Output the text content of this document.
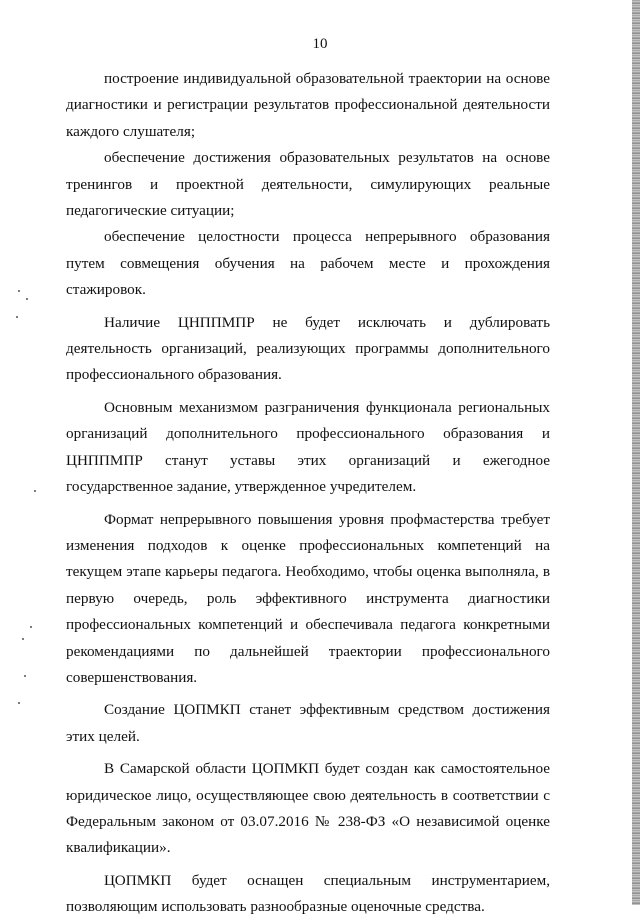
10

построение индивидуальной образовательной траектории на основе диагностики и регистрации результатов профессиональной деятельности каждого слушателя;

обеспечение достижения образовательных результатов на основе тренингов и проектной деятельности, симулирующих реальные педагогические ситуации;

обеспечение целостности процесса непрерывного образования путем совмещения обучения на рабочем месте и прохождения стажировок.

Наличие ЦНППМПР не будет исключать и дублировать деятельность организаций, реализующих программы дополнительного профессионального образования.

Основным механизмом разграничения функционала региональных организаций дополнительного профессионального образования и ЦНППМПР станут уставы этих организаций и ежегодное государственное задание, утвержденное учредителем.

Формат непрерывного повышения уровня профмастерства требует изменения подходов к оценке профессиональных компетенций на текущем этапе карьеры педагога. Необходимо, чтобы оценка выполняла, в первую очередь, роль эффективного инструмента диагностики профессиональных компетенций и обеспечивала педагога конкретными рекомендациями по дальнейшей траектории профессионального совершенствования.

Создание ЦОПМКП станет эффективным средством достижения этих целей.

В Самарской области ЦОПМКП будет создан как самостоятельное юридическое лицо, осуществляющее свою деятельность в соответствии с Федеральным законом от 03.07.2016 № 238-ФЗ «О независимой оценке квалификации».

ЦОПМКП будет оснащен специальным инструментарием, позволяющим использовать разнообразные оценочные средства.
